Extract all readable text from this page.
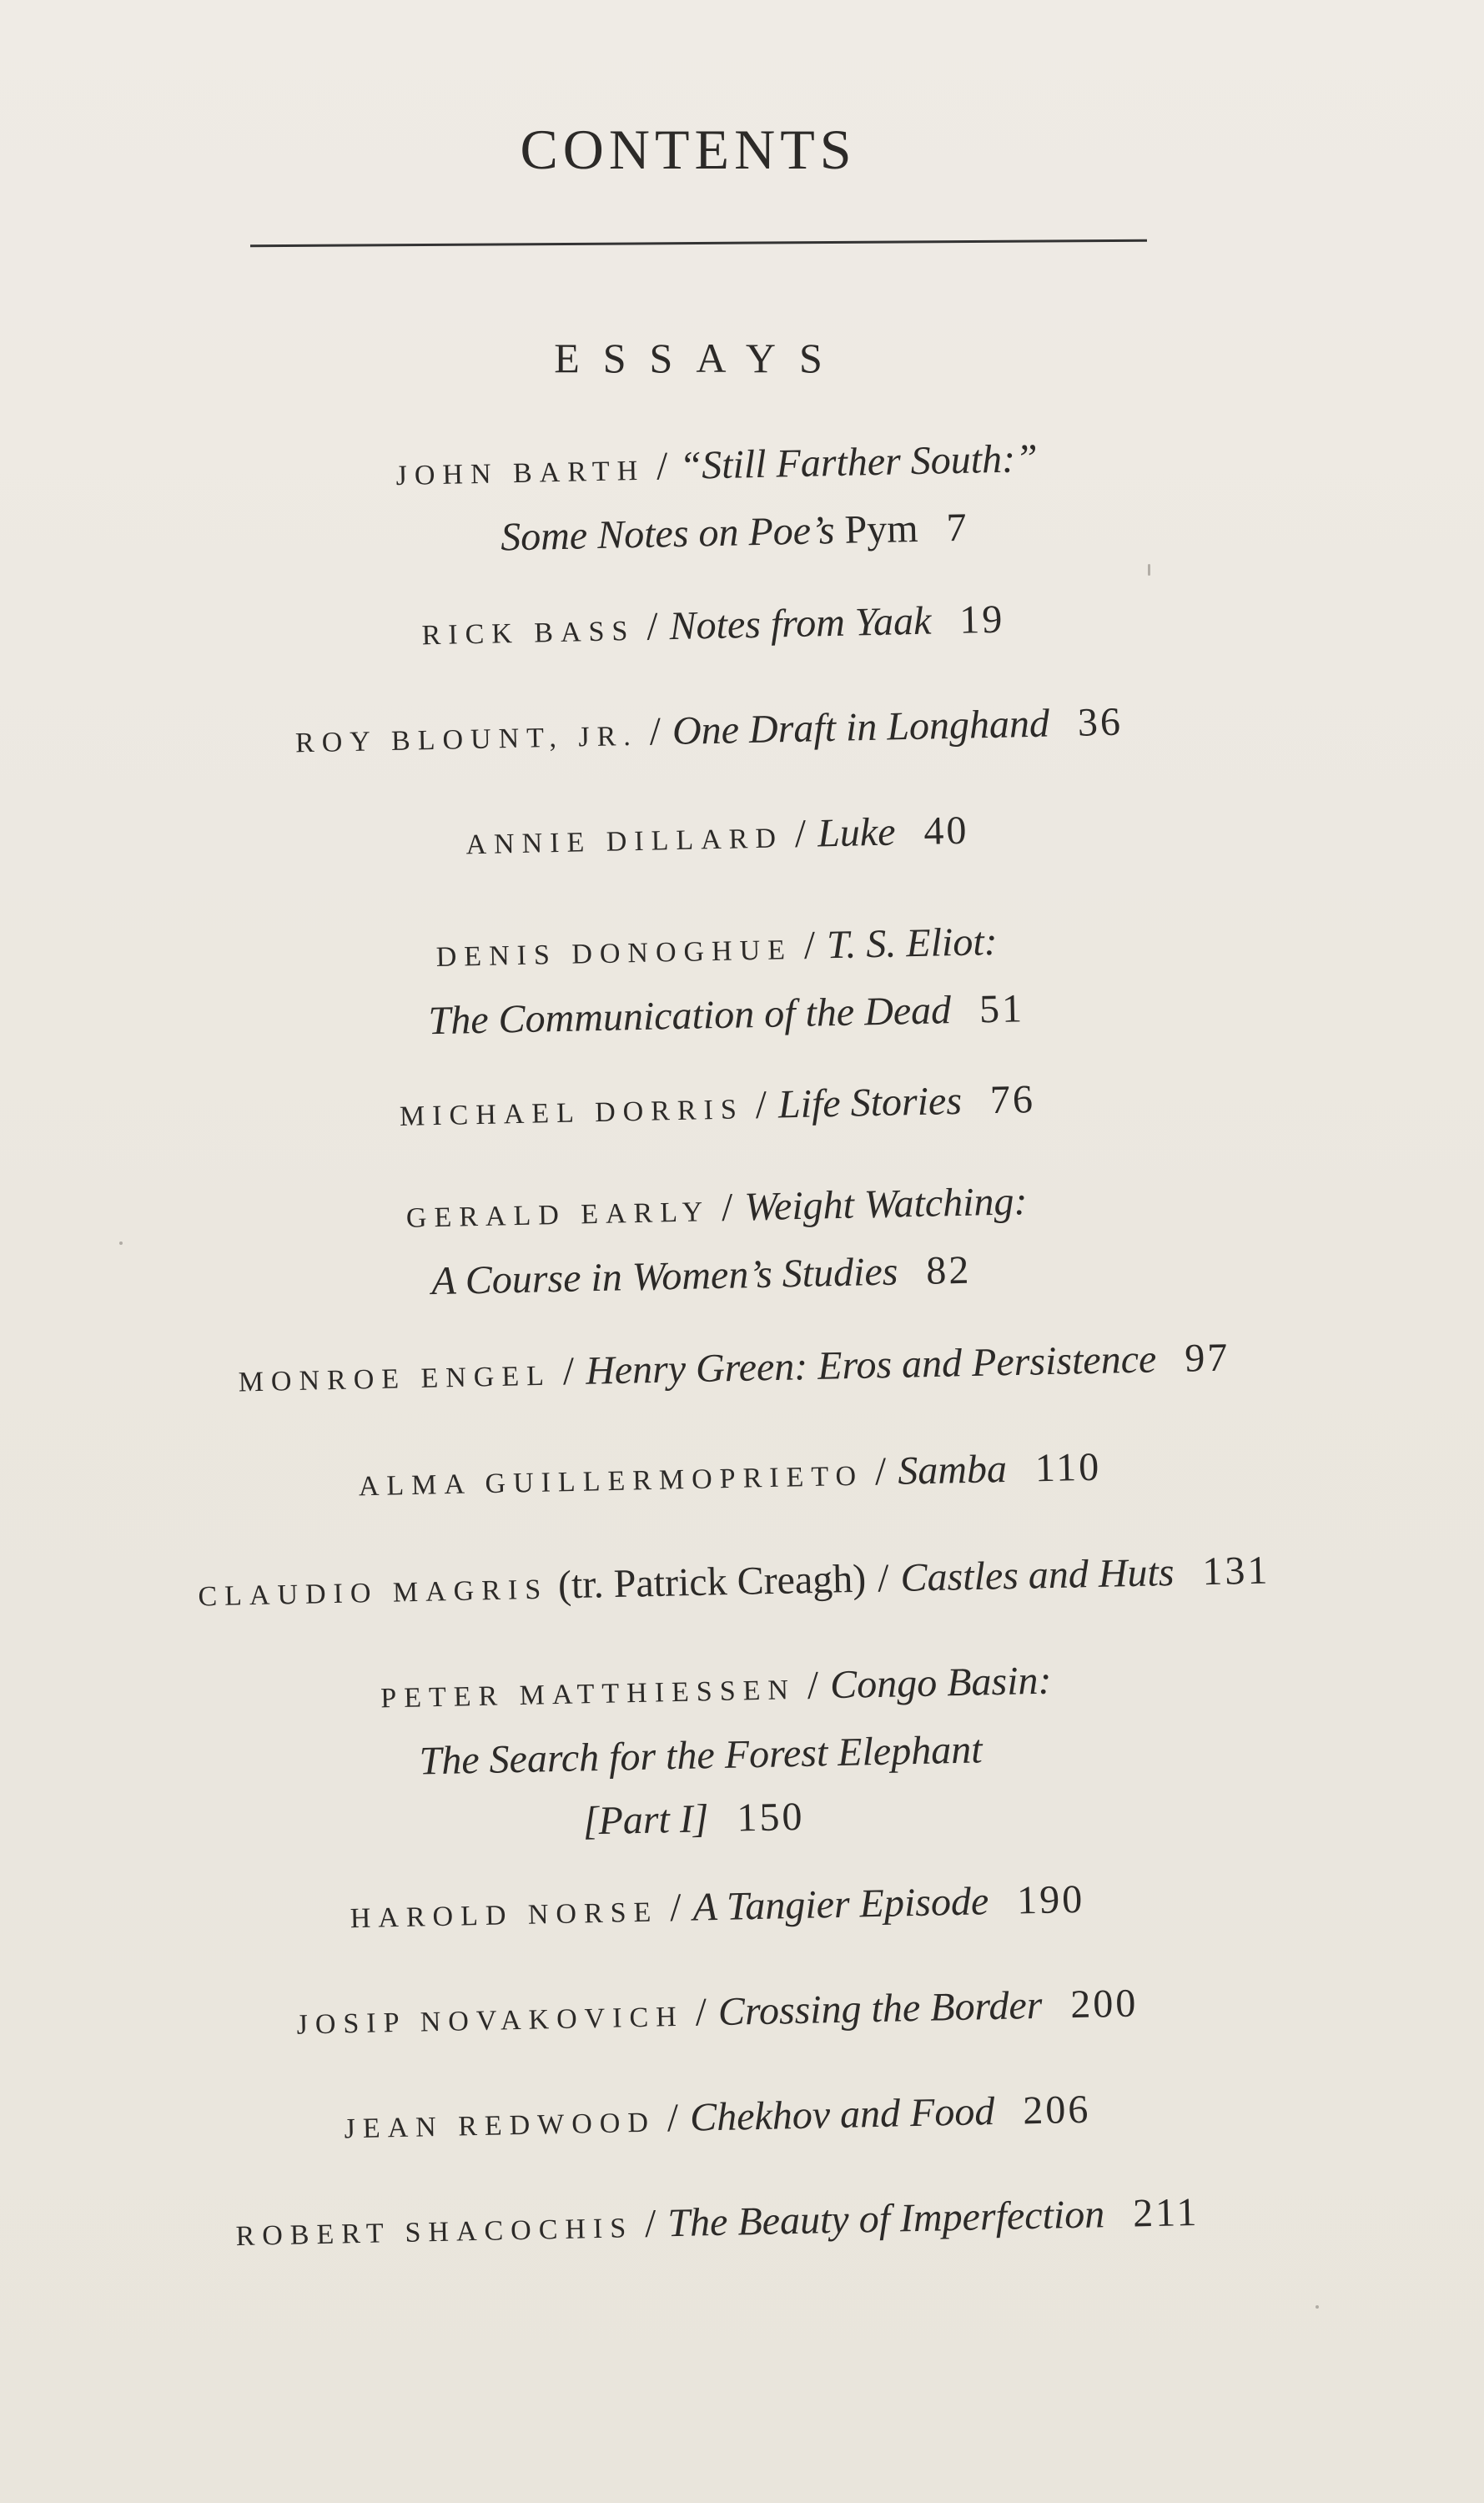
CONTENTS
ESSAYS
JOHN BARTH / “Still Farther South:”
Some Notes on Poe’s Pym 7
RICK BASS / Notes from Yaak 19
ROY BLOUNT, JR. / One Draft in Longhand 36
ANNIE DILLARD / Luke 40
DENIS DONOGHUE / T. S. Eliot:
The Communication of the Dead 51
MICHAEL DORRIS / Life Stories 76
GERALD EARLY / Weight Watching:
A Course in Women’s Studies 82
MONROE ENGEL / Henry Green: Eros and Persistence 97
ALMA GUILLERMOPRIETO / Samba 110
CLAUDIO MAGRIS (tr. Patrick Creagh) / Castles and Huts 131
PETER MATTHIESSEN / Congo Basin:
The Search for the Forest Elephant
[Part I] 150
HAROLD NORSE / A Tangier Episode 190
JOSIP NOVAKOVICH / Crossing the Border 200
JEAN REDWOOD / Chekhov and Food 206
ROBERT SHACOCHIS / The Beauty of Imperfection 211
